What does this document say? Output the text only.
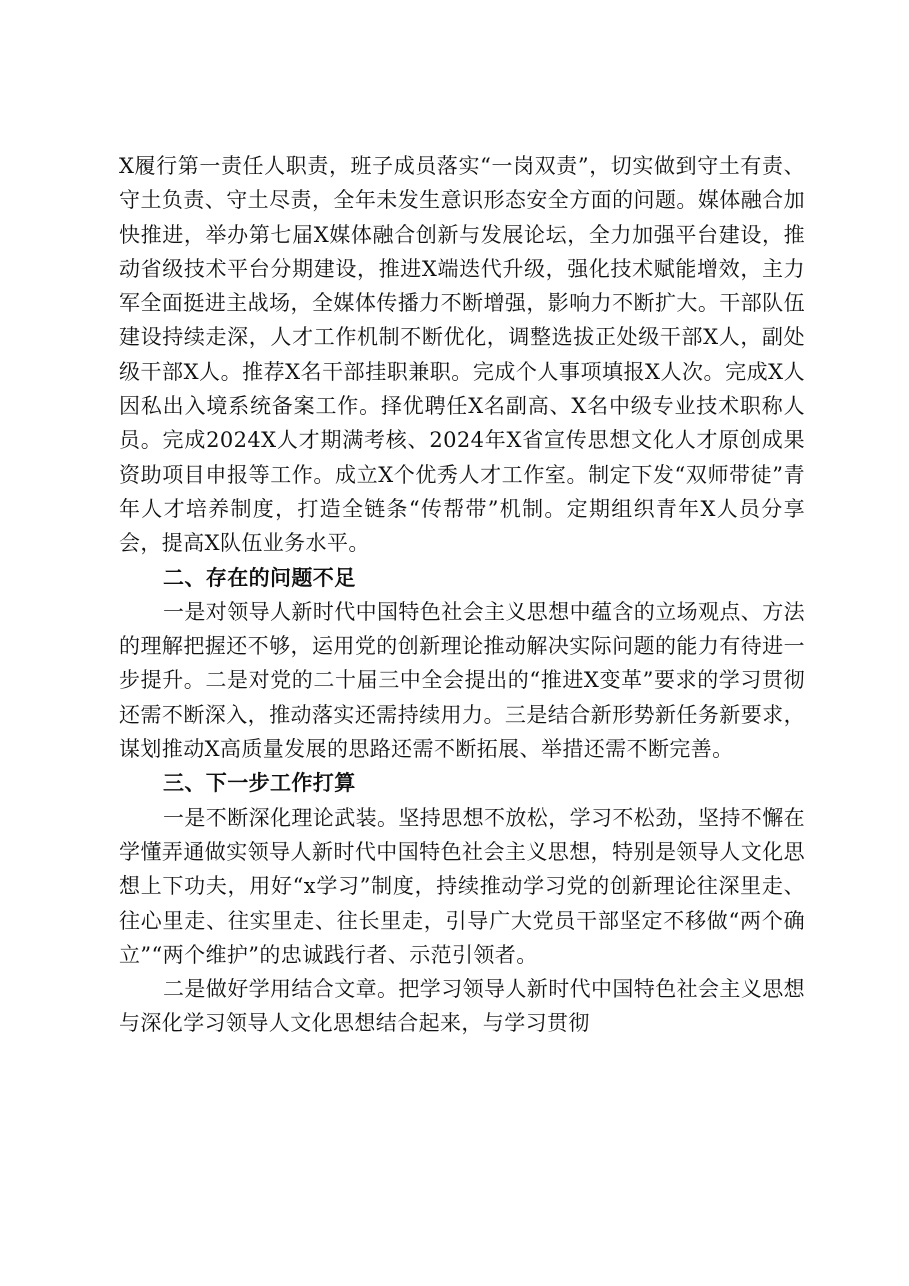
X履行第一责任人职责，班子成员落实“一岗双责”，切实做到守土有责、守土负责、守土尽责，全年未发生意识形态安全方面的问题。媒体融合加快推进，举办第七届X媒体融合创新与发展论坛，全力加强平台建设，推动省级技术平台分期建设，推进X端迭代升级，强化技术赋能增效，主力军全面挺进主战场，全媒体传播力不断增强，影响力不断扩大。干部队伍建设持续走深，人才工作机制不断优化，调整选拔正处级干部X人，副处级干部X人。推荐X名干部挂职兼职。完成个人事项填报X人次。完成X人因私出入境系统备案工作。择优聘任X名副高、X名中级专业技术职称人员。完成2024X人才期满考核、2024年X省宣传思想文化人才原创成果资助项目申报等工作。成立X个优秀人才工作室。制定下发“双师带徒”青年人才培养制度，打造全链条“传帮带”机制。定期组织青年X人员分享会，提高X队伍业务水平。

二、存在的问题不足

一是对领导人新时代中国特色社会主义思想中蕴含的立场观点、方法的理解把握还不够，运用党的创新理论推动解决实际问题的能力有待进一步提升。二是对党的二十届三中全会提出的“推进X变革”要求的学习贯彻还需不断深入，推动落实还需持续用力。三是结合新形势新任务新要求，谋划推动X高质量发展的思路还需不断拓展、举措还需不断完善。

三、下一步工作打算

一是不断深化理论武装。坚持思想不放松，学习不松劲，坚持不懈在学懂弄通做实领导人新时代中国特色社会主义思想，特别是领导人文化思想上下功夫，用好“x学习”制度，持续推动学习党的创新理论往深里走、往心里走、往实里走、往长里走，引导广大党员干部坚定不移做“两个确立”“两个维护”的忠诚践行者、示范引领者。

二是做好学用结合文章。把学习领导人新时代中国特色社会主义思想与深化学习领导人文化思想结合起来，与学习贯彻
